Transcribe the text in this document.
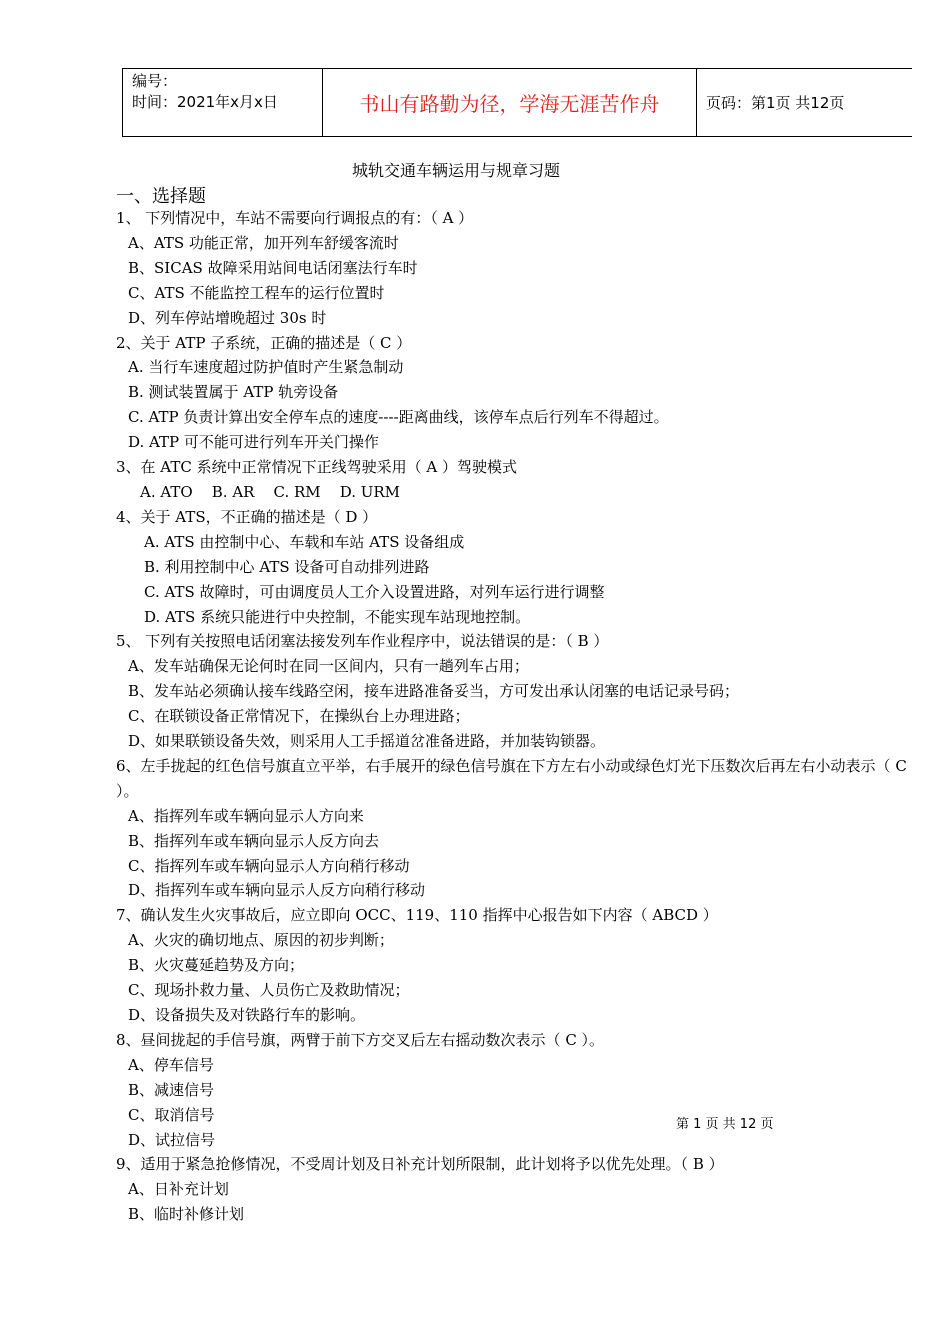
编号：
时间：2021年x月x日	书山有路勤为径，学海无涯苦作舟	页码：第1页 共12页
城轨交通车辆运用与规章习题
一、选择题

1、 下列情况中，车站不需要向行调报点的有：（ A ）

A、ATS 功能正常，加开列车舒缓客流时

B、SICAS 故障采用站间电话闭塞法行车时

C、ATS 不能监控工程车的运行位置时

D、列车停站增晚超过 30s 时

2、关于 ATP 子系统，正确的描述是（ C ）

A. 当行车速度超过防护值时产生紧急制动

B. 测试装置属于 ATP 轨旁设备

C. ATP 负责计算出安全停车点的速度----距离曲线，该停车点后行列车不得超过。

D. ATP 可不能可进行列车开关门操作

3、在 ATC 系统中正常情况下正线驾驶采用（ A ）驾驶模式

A. ATO    B. AR    C. RM    D. URM

4、关于 ATS，不正确的描述是（ D ）

A. ATS 由控制中心、车载和车站 ATS 设备组成

B. 利用控制中心 ATS 设备可自动排列进路

C. ATS 故障时，可由调度员人工介入设置进路，对列车运行进行调整

D. ATS 系统只能进行中央控制，不能实现车站现地控制。

5、 下列有关按照电话闭塞法接发列车作业程序中，说法错误的是：（ B ）

A、发车站确保无论何时在同一区间内，只有一趟列车占用；

B、发车站必须确认接车线路空闲，接车进路准备妥当，方可发出承认闭塞的电话记录号码；

C、在联锁设备正常情况下，在操纵台上办理进路；

D、如果联锁设备失效，则采用人工手摇道岔准备进路，并加装钩锁器。

6、左手拢起的红色信号旗直立平举，右手展开的绿色信号旗在下方左右小动或绿色灯光下压数次后再左右小动表示（ C ）。

A、指挥列车或车辆向显示人方向来

B、指挥列车或车辆向显示人反方向去

C、指挥列车或车辆向显示人方向稍行移动

D、指挥列车或车辆向显示人反方向稍行移动

7、确认发生火灾事故后，应立即向 OCC、119、110 指挥中心报告如下内容（ ABCD ）

A、火灾的确切地点、原因的初步判断；

B、火灾蔓延趋势及方向；

C、现场扑救力量、人员伤亡及救助情况；

D、设备损失及对铁路行车的影响。

8、昼间拢起的手信号旗，两臂于前下方交叉后左右摇动数次表示（ C ）。

A、停车信号

B、减速信号

C、取消信号

D、试拉信号

9、适用于紧急抢修情况，不受周计划及日补充计划所限制，此计划将予以优先处理。（ B ）

A、日补充计划

B、临时补修计划

第 1 页 共 12 页
